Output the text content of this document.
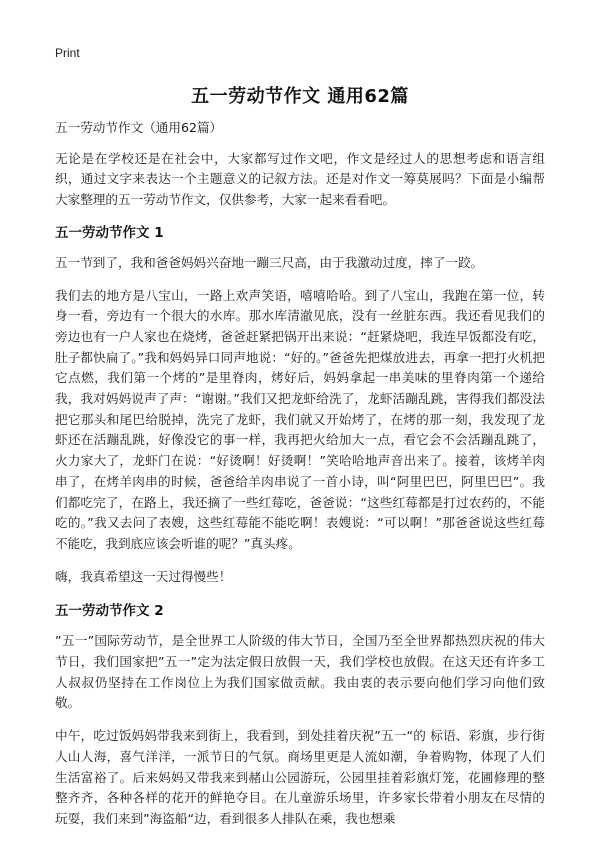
Print
五一劳动节作文 通用62篇

五一劳动节作文（通用62篇）

无论是在学校还是在社会中，大家都写过作文吧，作文是经过人的思想考虑和语言组织，通过文字来表达一个主题意义的记叙方法。还是对作文一筹莫展吗？下面是小编帮大家整理的五一劳动节作文，仅供参考，大家一起来看看吧。

五一劳动节作文 1

五一节到了，我和爸爸妈妈兴奋地一蹦三尺高，由于我激动过度，摔了一跤。

我们去的地方是八宝山，一路上欢声笑语，嘻嘻哈哈。到了八宝山，我跑在第一位，转身一看，旁边有一个很大的水库。那水库清澈见底，没有一丝脏东西。我还看见我们的旁边也有一户人家也在烧烤，爸爸赶紧把锅开出来说：“赶紧烧吧，我连早饭都没有吃，肚子都快扁了。”我和妈妈异口同声地说：“好的。”爸爸先把煤放进去，再拿一把打火机把它点燃，我们第一个烤的”是里脊肉，烤好后，妈妈拿起一串美味的里脊肉第一个递给我，我对妈妈说声了声：“谢谢。”我们又把龙虾给洗了，龙虾活蹦乱跳，害得我们都没法把它那头和尾巴给脱掉，洗完了龙虾，我们就又开始烤了，在烤的那一刻，我发现了龙虾还在活蹦乱跳，好像没它的事一样，我再把火给加大一点，看它会不会活蹦乱跳了，火力家大了，龙虾门在说：“好烫啊！好烫啊！”笑哈哈地声音出来了。接着，该烤羊肉串了，在烤羊肉串的时候，爸爸给羊肉串说了一首小诗，叫“阿里巴巴，阿里巴巴”。我们都吃完了，在路上，我还摘了一些红莓吃，爸爸说：“这些红莓都是打过农药的，不能吃的。”我又去问了表嫂，这些红莓能不能吃啊！表嫂说：“可以啊！”那爸爸说这些红莓不能吃，我到底应该会听谁的呢？”真头疼。

嗨，我真希望这一天过得慢些！

五一劳动节作文 2

”五一”国际劳动节，是全世界工人阶级的伟大节日，全国乃至全世界都热烈庆祝的伟大节日，我们国家把”五一”定为法定假日放假一天，我们学校也放假。在这天还有许多工人叔叔仍坚持在工作岗位上为我们国家做贡献。我由衷的表示要向他们学习向他们致敬。

中午，吃过饭妈妈带我来到街上，我看到，到处挂着庆祝”五一“的 标语、彩旗，步行街人山人海，喜气洋洋，一派节日的气氛。商场里更是人流如潮，争着购物，体现了人们生活富裕了。后来妈妈又带我来到赭山公园游玩，公园里挂着彩旗灯笼，花圃修理的整整齐齐，各种各样的花开的鲜艳夺目。在儿童游乐场里，许多家长带着小朋友在尽情的玩耍，我们来到”海盗船“边，看到很多人排队在乘，我也想乘
